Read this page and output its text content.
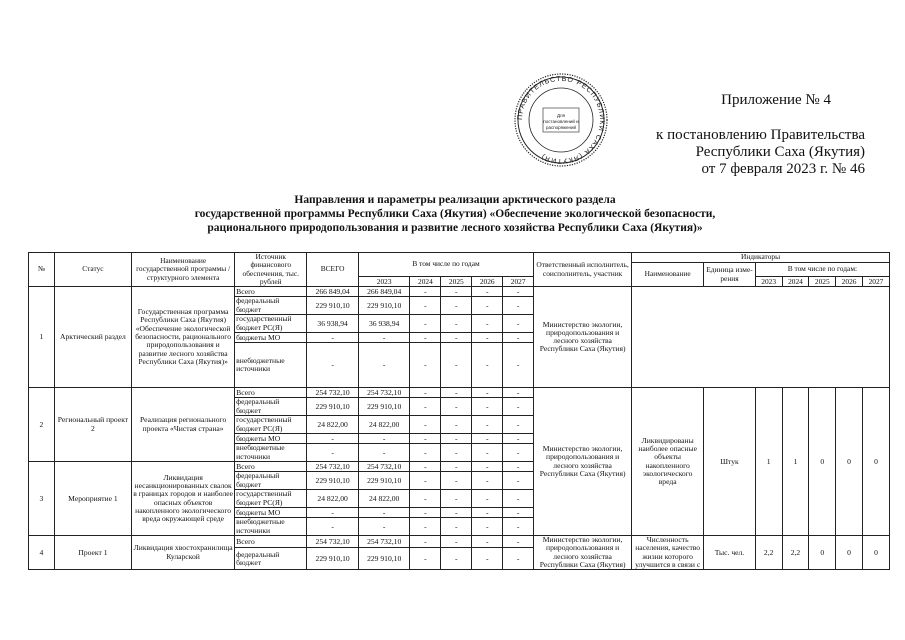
ПРАВИТЕЛЬСТВО РЕСПУБЛИКИ САХА (ЯКУТИЯ)
Для
постановлений и
распоряжений
Приложение № 4
к постановлению Правительства
Республики Саха (Якутия)
от 7 февраля 2023 г. № 46
Направления и параметры реализации арктического раздела
государственной программы Республики Саха (Якутия) «Обеспечение экологической безопасности,
рационального природопользования и развитие лесного хозяйства Республики Саха (Якутия)»
№	Статус	Наименование государственной программы / структурного элемента	Источник финансового обеспечения, тыс. рублей	ВСЕГО	В том числе по годам					Ответственный исполнитель, соисполнитель, участник	Индикаторы						
											Наименование	Единица изме-рения	В том числе по годам:				
					2023	2024	2025	2026	2027				2023	2024	2025	2026	2027
1	Арктический раздел	Государственная программа Республики Саха (Якутия) «Обеспечение экологической безопасности, рационального природопользования и развитие лесного хозяйства Республики Саха (Якутия)»	Всего	266 849,04	266 849,04	-	-	-	-	Министерство экологии, природопользования и лесного хозяйства Республики Саха (Якутия)							
			федеральный бюджет	229 910,10	229 910,10	-	-	-	-								
			государственный бюджет РС(Я)	36 938,94	36 938,94	-	-	-	-								
			бюджеты МО	-	-	-	-	-	-								
			внебюджетные источники	-	-	-	-	-	-								
2	Региональный проект 2	Реализация регионального проекта «Чистая страна»	Всего	254 732,10	254 732,10	-	-	-	-	Министерство экологии, природопользования и лесного хозяйства Республики Саха (Якутия)	Ликвидированы наиболее опасные объекты накопленного экологического вреда	Штук	1	1	0	0	0
			федеральный бюджет	229 910,10	229 910,10	-	-	-	-								
			государственный бюджет РС(Я)	24 822,00	24 822,00	-	-	-	-								
			бюджеты МО	-	-	-	-	-	-								
			внебюджетные источники	-	-	-	-	-	-								
3	Мероприятие 1	Ликвидация несанкционированных свалок в границах городов и наиболее опасных объектов накопленного экологического вреда окружающей среде	Всего	254 732,10	254 732,10	-	-	-	-								
			федеральный бюджет	229 910,10	229 910,10	-	-	-	-								
			государственный бюджет РС(Я)	24 822,00	24 822,00	-	-	-	-								
			бюджеты МО	-	-	-	-	-	-								
			внебюджетные источники	-	-	-	-	-	-								
4	Проект 1	Ликвидация хвостохранилища Куларской	Всего	254 732,10	254 732,10	-	-	-	-	Министерство экологии, природопользования и лесного хозяйства Республики Саха (Якутия)	Численность населения, качество жизни которого улучшится в связи с	Тыс. чел.	2,2	2,2	0	0	0
			федеральный бюджет	229 910,10	229 910,10	-	-	-	-								
